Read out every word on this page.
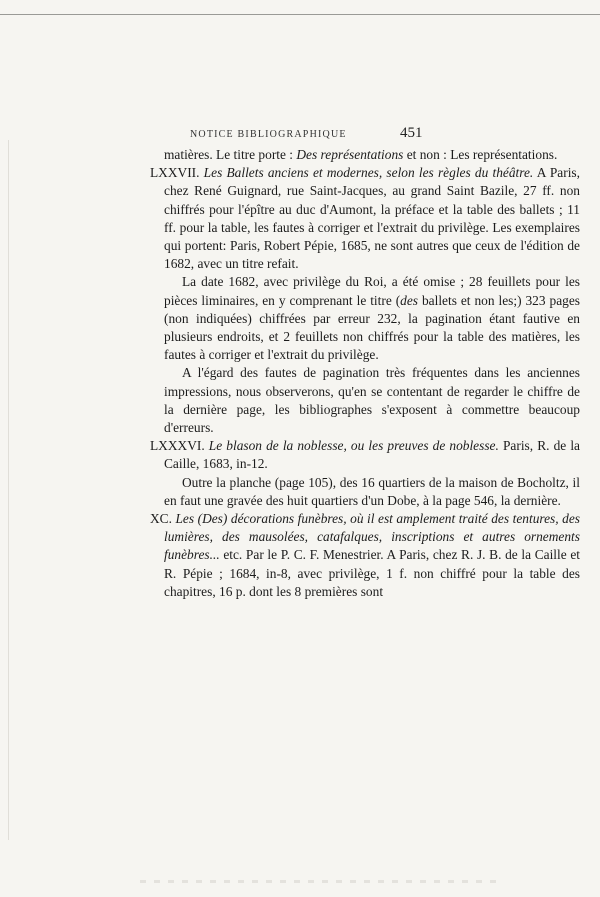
NOTICE BIBLIOGRAPHIQUE	451

matières. Le titre porte : Des représentations et non : Les représentations.

LXXVII. Les Ballets anciens et modernes, selon les règles du théâtre. A Paris, chez René Guignard, rue Saint-Jacques, au grand Saint Bazile, 27 ff. non chiffrés pour l'épître au duc d'Aumont, la préface et la table des ballets ; 11 ff. pour la table, les fautes à corriger et l'extrait du privilège. Les exemplaires qui portent: Paris, Robert Pépie, 1685, ne sont autres que ceux de l'édition de 1682, avec un titre refait.

La date 1682, avec privilège du Roi, a été omise ; 28 feuillets pour les pièces liminaires, en y comprenant le titre (des ballets et non les;) 323 pages (non indiquées) chiffrées par erreur 232, la pagination étant fautive en plusieurs endroits, et 2 feuillets non chiffrés pour la table des matières, les fautes à corriger et l'extrait du privilège.

A l'égard des fautes de pagination très fréquentes dans les anciennes impressions, nous observerons, qu'en se contentant de regarder le chiffre de la dernière page, les bibliographes s'exposent à commettre beaucoup d'erreurs.

LXXXVI. Le blason de la noblesse, ou les preuves de noblesse. Paris, R. de la Caille, 1683, in-12.

Outre la planche (page 105), des 16 quartiers de la maison de Bocholtz, il en faut une gravée des huit quartiers d'un Dobe, à la page 546, la dernière.

XC. Les (Des) décorations funèbres, où il est amplement traité des tentures, des lumières, des mausolées, catafalques, inscriptions et autres ornements funèbres... etc. Par le P. C. F. Menestrier. A Paris, chez R. J. B. de la Caille et R. Pépie ; 1684, in-8, avec privilège, 1 f. non chiffré pour la table des chapitres, 16 p. dont les 8 premières sont
